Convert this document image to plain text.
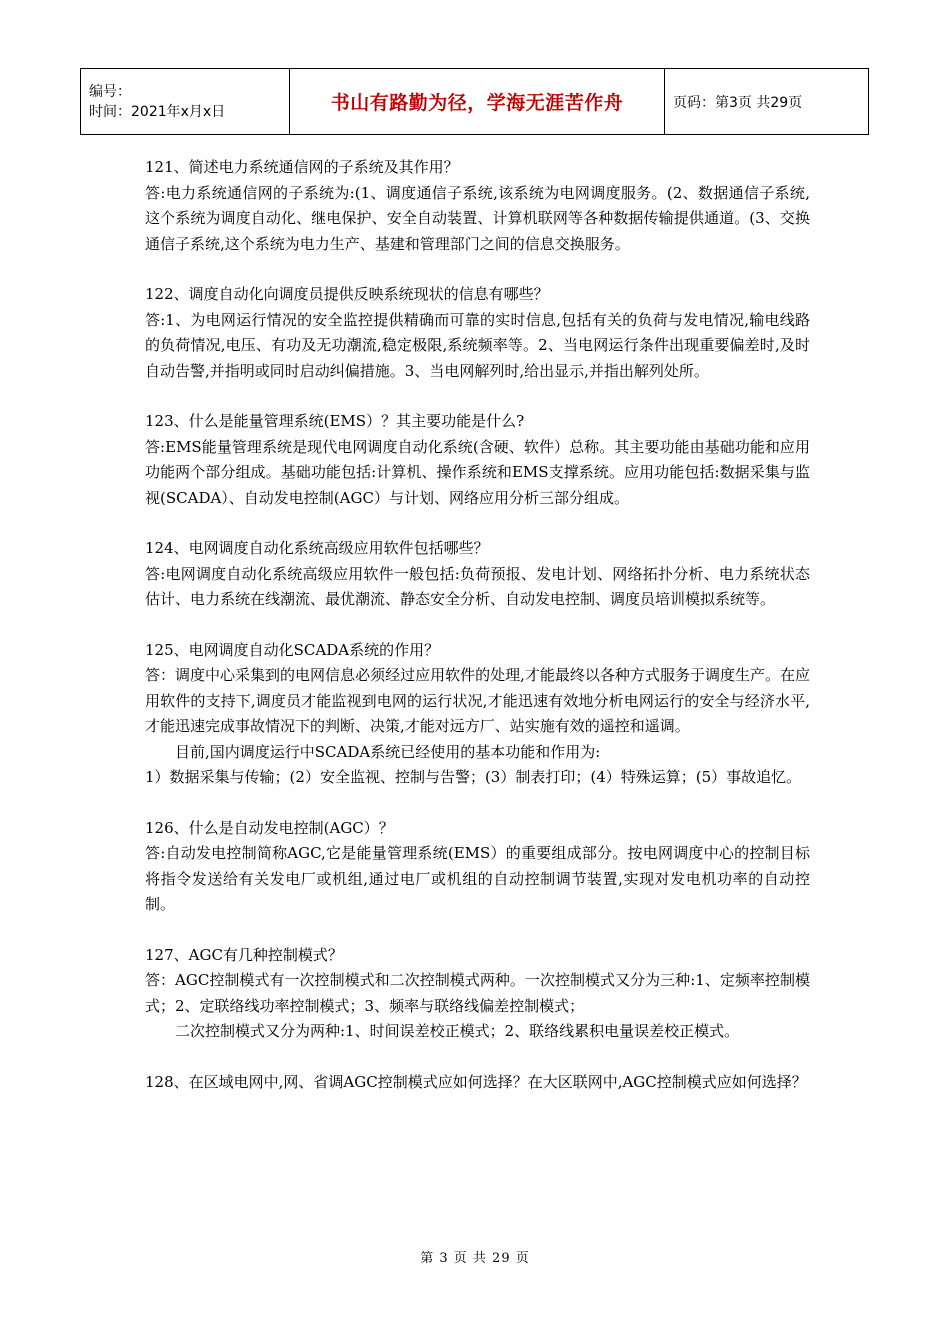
编号：
时间：2021年x月x日	书山有路勤为径，学海无涯苦作舟	页码：第3页 共29页

121、简述电力系统通信网的子系统及其作用？

答:电力系统通信网的子系统为:(1、调度通信子系统,该系统为电网调度服务。(2、数据通信子系统,这个系统为调度自动化、继电保护、安全自动装置、计算机联网等各种数据传输提供通道。(3、交换通信子系统,这个系统为电力生产、基建和管理部门之间的信息交换服务。

122、调度自动化向调度员提供反映系统现状的信息有哪些？

答:1、为电网运行情况的安全监控提供精确而可靠的实时信息,包括有关的负荷与发电情况,输电线路的负荷情况,电压、有功及无功潮流,稳定极限,系统频率等。2、当电网运行条件出现重要偏差时,及时自动告警,并指明或同时启动纠偏措施。3、当电网解列时,给出显示,并指出解列处所。

123、什么是能量管理系统(EMS）？其主要功能是什么?

答:EMS能量管理系统是现代电网调度自动化系统(含硬、软件）总称。其主要功能由基础功能和应用功能两个部分组成。基础功能包括:计算机、操作系统和EMS支撑系统。应用功能包括:数据采集与监视(SCADA）、自动发电控制(AGC）与计划、网络应用分析三部分组成。

124、电网调度自动化系统高级应用软件包括哪些？

答:电网调度自动化系统高级应用软件一般包括:负荷预报、发电计划、网络拓扑分析、电力系统状态估计、电力系统在线潮流、最优潮流、静态安全分析、自动发电控制、调度员培训模拟系统等。

125、电网调度自动化SCADA系统的作用？

答：调度中心采集到的电网信息必须经过应用软件的处理,才能最终以各种方式服务于调度生产。在应用软件的支持下,调度员才能监视到电网的运行状况,才能迅速有效地分析电网运行的安全与经济水平,才能迅速完成事故情况下的判断、决策,才能对远方厂、站实施有效的遥控和遥调。

目前,国内调度运行中SCADA系统已经使用的基本功能和作用为:

1）数据采集与传输；(2）安全监视、控制与告警；(3）制表打印；(4）特殊运算；(5）事故追忆。

126、什么是自动发电控制(AGC）？

答:自动发电控制简称AGC,它是能量管理系统(EMS）的重要组成部分。按电网调度中心的控制目标将指令发送给有关发电厂或机组,通过电厂或机组的自动控制调节装置,实现对发电机功率的自动控制。

127、AGC有几种控制模式？

答：AGC控制模式有一次控制模式和二次控制模式两种。一次控制模式又分为三种:1、定频率控制模式；2、定联络线功率控制模式；3、频率与联络线偏差控制模式；

二次控制模式又分为两种:1、时间误差校正模式；2、联络线累积电量误差校正模式。

128、在区域电网中,网、省调AGC控制模式应如何选择？在大区联网中,AGC控制模式应如何选择？

第 3 页 共 29 页
